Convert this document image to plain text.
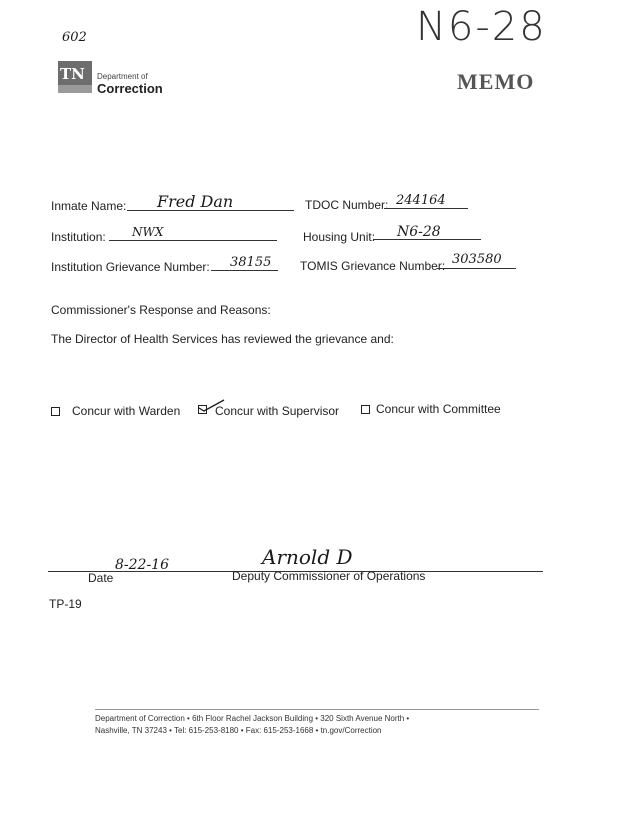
602	N6-28
TN Department of
Correction	MEMO
Inmate Name: Fred Dan	TDOC Number: 244164
Institution: NWX	Housing Unit: N6-28
Institution Grievance Number: 38155 TOMIS Grievance Number: 303580
Commissioner's Response and Reasons:
The Director of Health Services has reviewed the grievance and:
Concur with Warden	Concur with Supervisor	Concur with Committee
8-22-16	Arnold D
Date	Deputy Commissioner of Operations
TP-19
Department of Correction • 6th Floor Rachel Jackson Building • 320 Sixth Avenue North •
Nashville, TN 37243 • Tel: 615-253-8180 • Fax: 615-253-1668 • tn.gov/Correction
